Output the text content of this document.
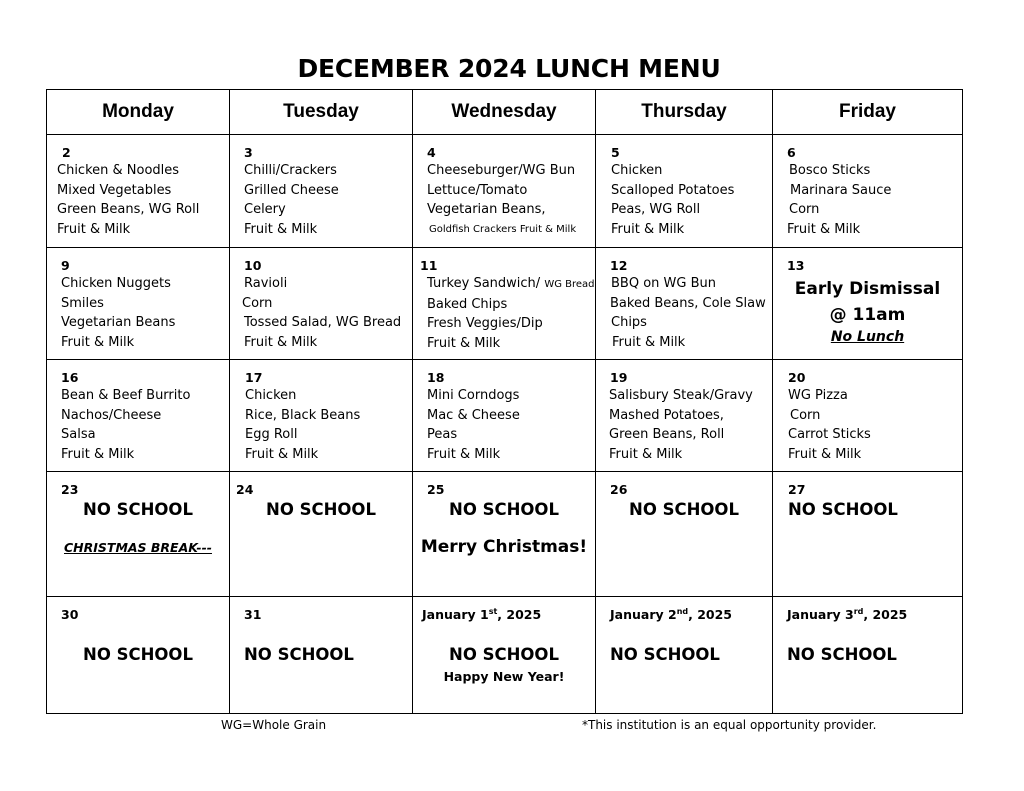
DECEMBER 2024 LUNCH MENU
Monday	Tuesday	Wednesday	Thursday	Friday

2
Chicken & Noodles
Mixed Vegetables
Green Beans, WG Roll
Fruit & Milk	3
Chilli/Crackers
Grilled Cheese
Celery
Fruit & Milk	4
Cheeseburger/WG Bun
Lettuce/Tomato
Vegetarian Beans,
Goldfish Crackers Fruit & Milk	5
Chicken
Scalloped Potatoes
Peas, WG Roll
Fruit & Milk	6
Bosco Sticks
Marinara Sauce
Corn
Fruit & Milk

9
Chicken Nuggets
Smiles
Vegetarian Beans
Fruit & Milk	10
Ravioli
Corn
Tossed Salad, WG Bread
Fruit & Milk	11
Turkey Sandwich/ WG Bread
Baked Chips
Fresh Veggies/Dip
Fruit & Milk	12
BBQ on WG Bun
Baked Beans, Cole Slaw
Chips
Fruit & Milk	13
Early Dismissal
@ 11am
No Lunch

16
Bean & Beef Burrito
Nachos/Cheese
Salsa
Fruit & Milk	17
Chicken
Rice, Black Beans
Egg Roll
Fruit & Milk	18
Mini Corndogs
Mac & Cheese
Peas
Fruit & Milk	19
Salisbury Steak/Gravy
Mashed Potatoes,
Green Beans, Roll
Fruit & Milk	20
WG Pizza
Corn
Carrot Sticks
Fruit & Milk

23
NO SCHOOL
CHRISTMAS BREAK---	24
NO SCHOOL	25
NO SCHOOL
Merry Christmas!	26
NO SCHOOL	27
NO SCHOOL

30
NO SCHOOL	31
NO SCHOOL	January 1st, 2025
NO SCHOOL
Happy New Year!	January 2nd, 2025
NO SCHOOL	January 3rd, 2025
NO SCHOOL
WG=Whole Grain	*This institution is an equal opportunity provider.
